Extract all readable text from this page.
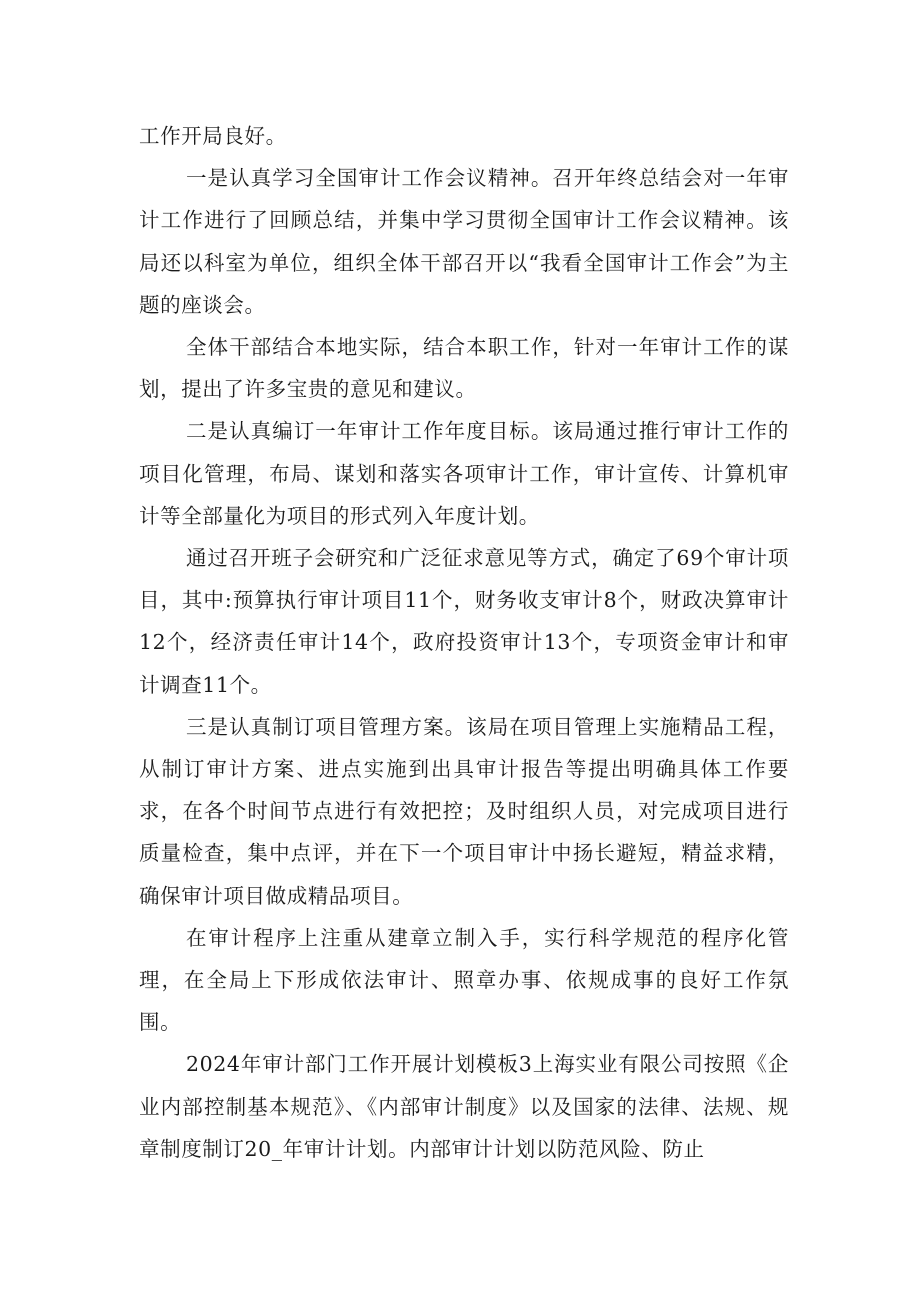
工作开局良好。

一是认真学习全国审计工作会议精神。召开年终总结会对一年审计工作进行了回顾总结，并集中学习贯彻全国审计工作会议精神。该局还以科室为单位，组织全体干部召开以“我看全国审计工作会”为主题的座谈会。

全体干部结合本地实际，结合本职工作，针对一年审计工作的谋划，提出了许多宝贵的意见和建议。

二是认真编订一年审计工作年度目标。该局通过推行审计工作的项目化管理，布局、谋划和落实各项审计工作，审计宣传、计算机审计等全部量化为项目的形式列入年度计划。

通过召开班子会研究和广泛征求意见等方式，确定了69个审计项目，其中:预算执行审计项目11个，财务收支审计8个，财政决算审计12个，经济责任审计14个，政府投资审计13个，专项资金审计和审计调查11个。

三是认真制订项目管理方案。该局在项目管理上实施精品工程，从制订审计方案、进点实施到出具审计报告等提出明确具体工作要求，在各个时间节点进行有效把控；及时组织人员，对完成项目进行质量检查，集中点评，并在下一个项目审计中扬长避短，精益求精，确保审计项目做成精品项目。

在审计程序上注重从建章立制入手，实行科学规范的程序化管理，在全局上下形成依法审计、照章办事、依规成事的良好工作氛围。

2024年审计部门工作开展计划模板3上海实业有限公司按照《企业内部控制基本规范》、《内部审计制度》以及国家的法律、法规、规章制度制订20_年审计计划。内部审计计划以防范风险、防止
